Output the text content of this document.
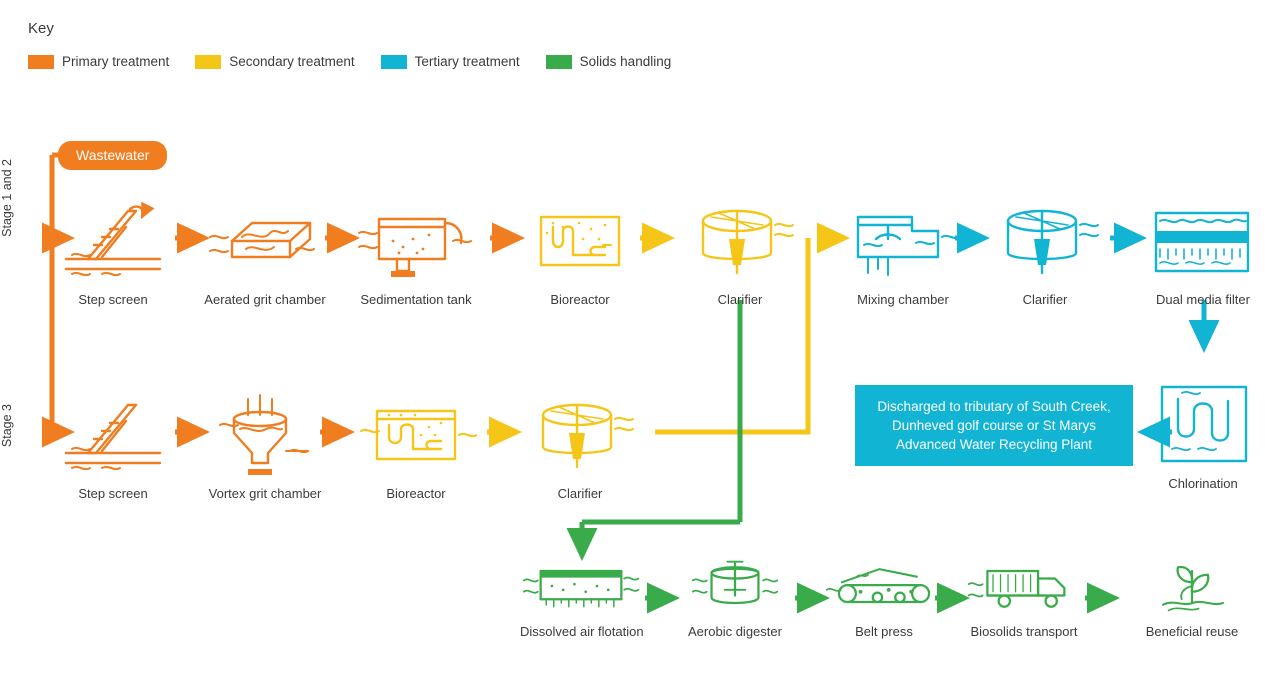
Key
Primary treatment	Secondary treatment	Tertiary treatment	Solids handling
Stage 1 and 2
Stage 3
Wastewater
Step screen	Aerated grit chamber	Sedimentation tank	Bioreactor	Clarifier	Mixing chamber	Clarifier	Dual media filter
Step screen	Vortex grit chamber	Bioreactor	Clarifier
Chlorination
Discharged to tributary of South Creek, Dunheved golf course or St Marys Advanced Water Recycling Plant
Dissolved air flotation	Aerobic digester	Belt press	Biosolids transport	Beneficial reuse
